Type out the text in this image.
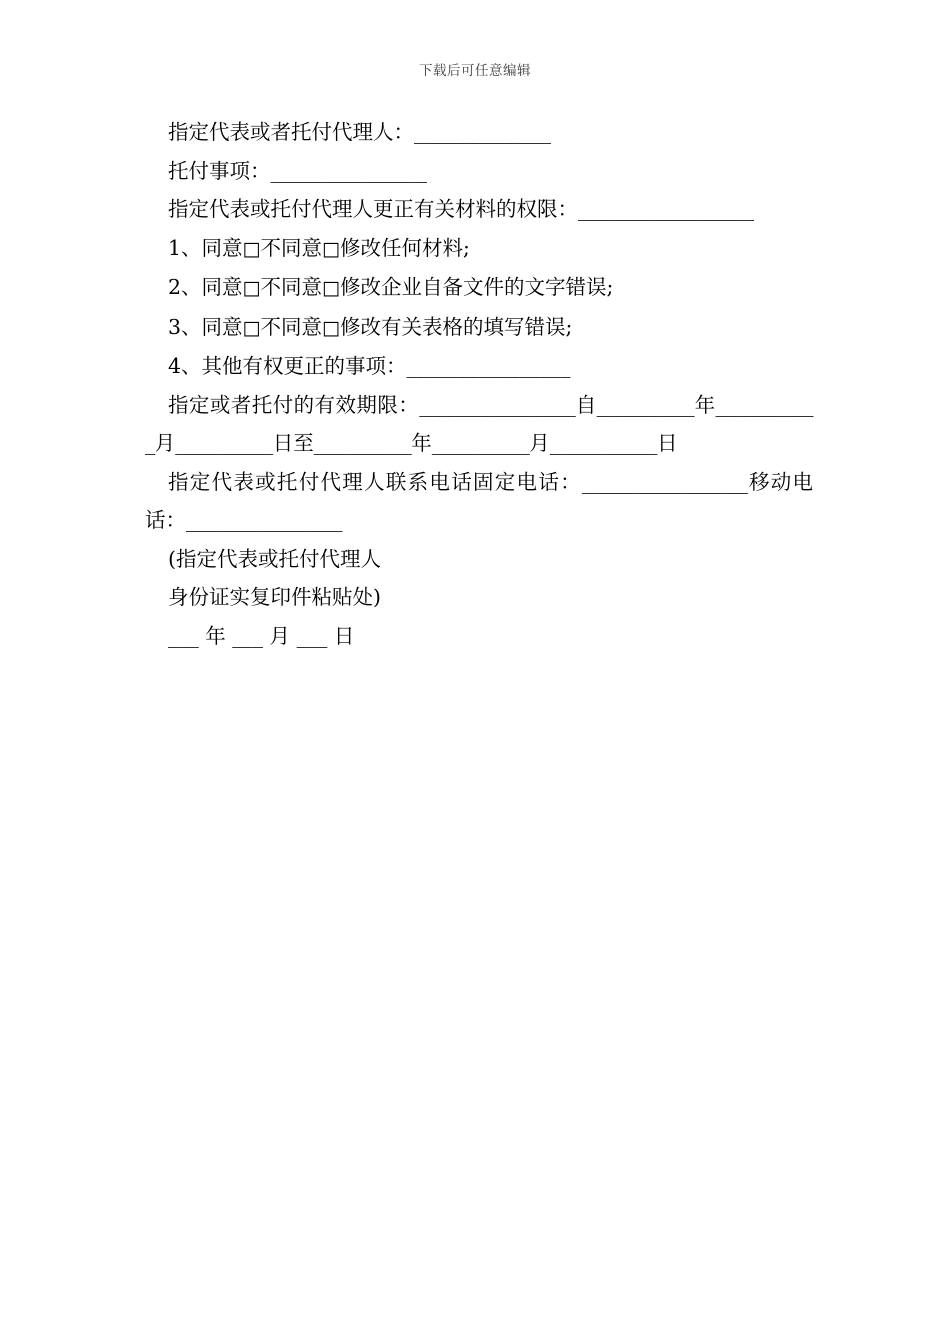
下载后可任意编辑

指定代表或者托付代理人：______________

托付事项：________________

指定代表或托付代理人更正有关材料的权限：__________________

1、同意□不同意□修改任何材料;

2、同意□不同意□修改企业自备文件的文字错误;

3、同意□不同意□修改有关表格的填写错误;

4、其他有权更正的事项：________________

指定或者托付的有效期限：________________自__________年___________月__________日至__________年__________月___________日

指定代表或托付代理人联系电话固定电话：_________________移动电话：________________

(指定代表或托付代理人

身份证实复印件粘贴处)

___ 年 ___ 月 ___ 日
